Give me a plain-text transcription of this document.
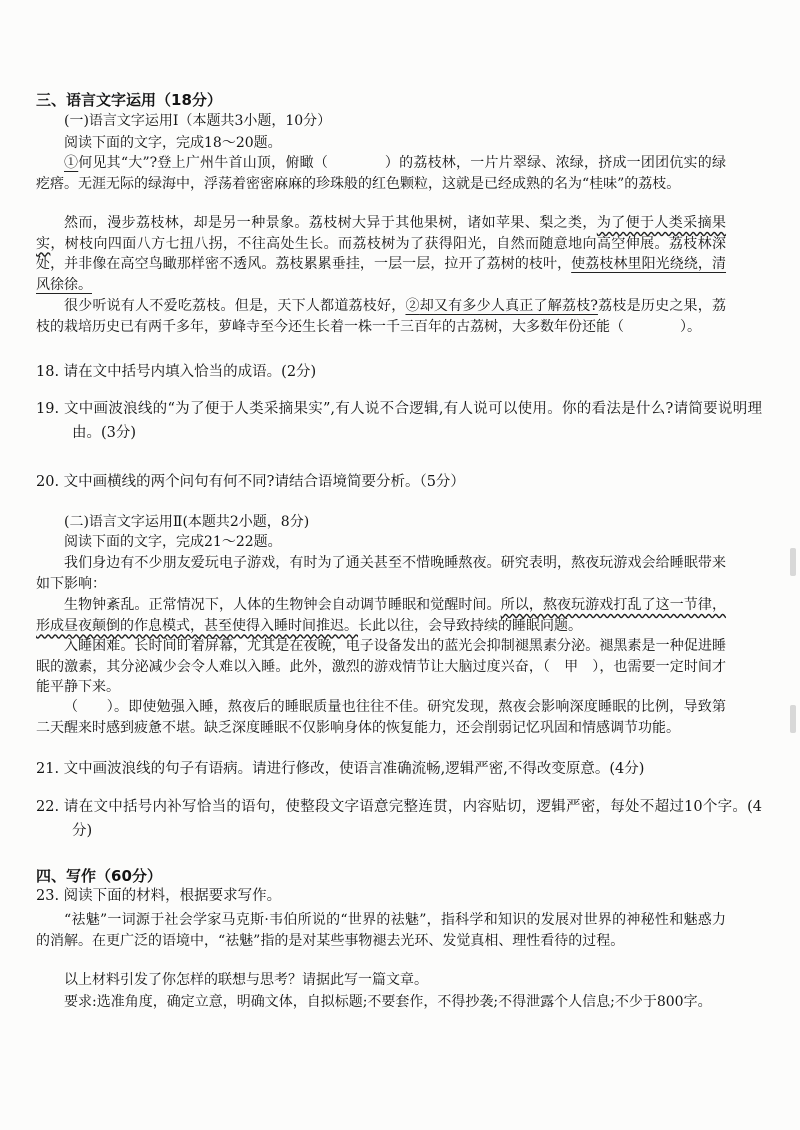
三、语言文字运用（18分）
(一)语言文字运用Ⅰ（本题共3小题，10分）
阅读下面的文字，完成18～20题。
①何见其“大”?登上广州牛首山顶，俯瞰（　　　　）的荔枝林，一片片翠绿、浓绿，挤成一团团伉实的绿疙瘩。无涯无际的绿海中，浮荡着密密麻麻的珍珠般的红色颗粒，这就是已经成熟的名为“桂味”的荔枝。
然而，漫步荔枝林，却是另一种景象。荔枝树大异于其他果树，诸如苹果、梨之类，为了便于人类采摘果实，树枝向四面八方七扭八拐，不往高处生长。而荔枝树为了获得阳光，自然而随意地向高空伸展。荔枝林深处，并非像在高空鸟瞰那样密不透风。荔枝累累垂挂，一层一层，拉开了荔树的枝叶，使荔枝林里阳光绕绕，清风徐徐。
很少听说有人不爱吃荔枝。但是，天下人都道荔枝好，②却又有多少人真正了解荔枝?荔枝是历史之果，荔枝的栽培历史已有两千多年，萝峰寺至今还生长着一株一千三百年的古荔树，大多数年份还能（　　　　）。
18. 请在文中括号内填入恰当的成语。(2分)
19. 文中画波浪线的“为了便于人类采摘果实”,有人说不合逻辑,有人说可以使用。你的看法是什么?请简要说明理由。(3分)
20. 文中画横线的两个问句有何不同?请结合语境简要分析。（5分）
(二)语言文字运用Ⅱ(本题共2小题，8分)
阅读下面的文字，完成21～22题。
我们身边有不少朋友爱玩电子游戏，有时为了通关甚至不惜晚睡熬夜。研究表明，熬夜玩游戏会给睡眠带来如下影响：
生物钟紊乱。正常情况下，人体的生物钟会自动调节睡眠和觉醒时间。所以，熬夜玩游戏打乱了这一节律，形成昼夜颠倒的作息模式，甚至使得入睡时间推迟。长此以往，会导致持续的睡眠问题。
入睡困难。长时间盯着屏幕，尤其是在夜晚，电子设备发出的蓝光会抑制褪黑素分泌。褪黑素是一种促进睡眠的激素，其分泌减少会令人难以入睡。此外，激烈的游戏情节让大脑过度兴奋，（　甲　），也需要一定时间才能平静下来。
（　　）。即使勉强入睡，熬夜后的睡眠质量也往往不佳。研究发现，熬夜会影响深度睡眠的比例，导致第二天醒来时感到疲惫不堪。缺乏深度睡眠不仅影响身体的恢复能力，还会削弱记忆巩固和情感调节功能。
21. 文中画波浪线的句子有语病。请进行修改，使语言准确流畅,逻辑严密,不得改变原意。(4分)
22. 请在文中括号内补写恰当的语句，使整段文字语意完整连贯，内容贴切，逻辑严密，每处不超过10个字。(4分)
四、写作（60分）
23. 阅读下面的材料，根据要求写作。
“祛魅”一词源于社会学家马克斯·韦伯所说的“世界的祛魅”，指科学和知识的发展对世界的神秘性和魅惑力的消解。在更广泛的语境中，“祛魅”指的是对某些事物褪去光环、发觉真相、理性看待的过程。
以上材料引发了你怎样的联想与思考？请据此写一篇文章。
要求:选准角度，确定立意，明确文体，自拟标题;不要套作，不得抄袭;不得泄露个人信息;不少于800字。
